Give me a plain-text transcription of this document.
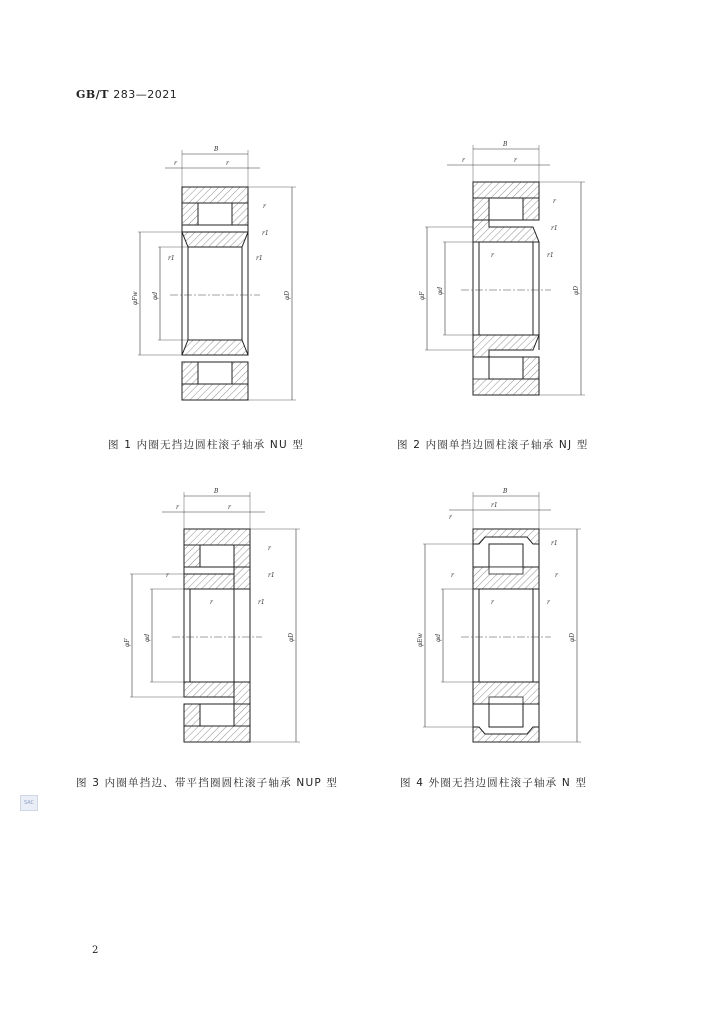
GB/T 283—2021
B
r	r
r
r1
r1	r1
φFw φd	φD
图 1 内圈无挡边圆柱滚子轴承 NU 型
B
r	r
r
r1
r	r1
φF
φd	φD
图 2 内圈单挡边圆柱滚子轴承 NJ 型
B
r	r
r
r	r1
r	r1
φF
φd	φD
图 3 内圈单挡边、带平挡圈圆柱滚子轴承 NUP 型
B
r
r1
r1
r	r
r	r
φEw φd	φD
图 4 外圈无挡边圆柱滚子轴承 N 型
SAC
2
